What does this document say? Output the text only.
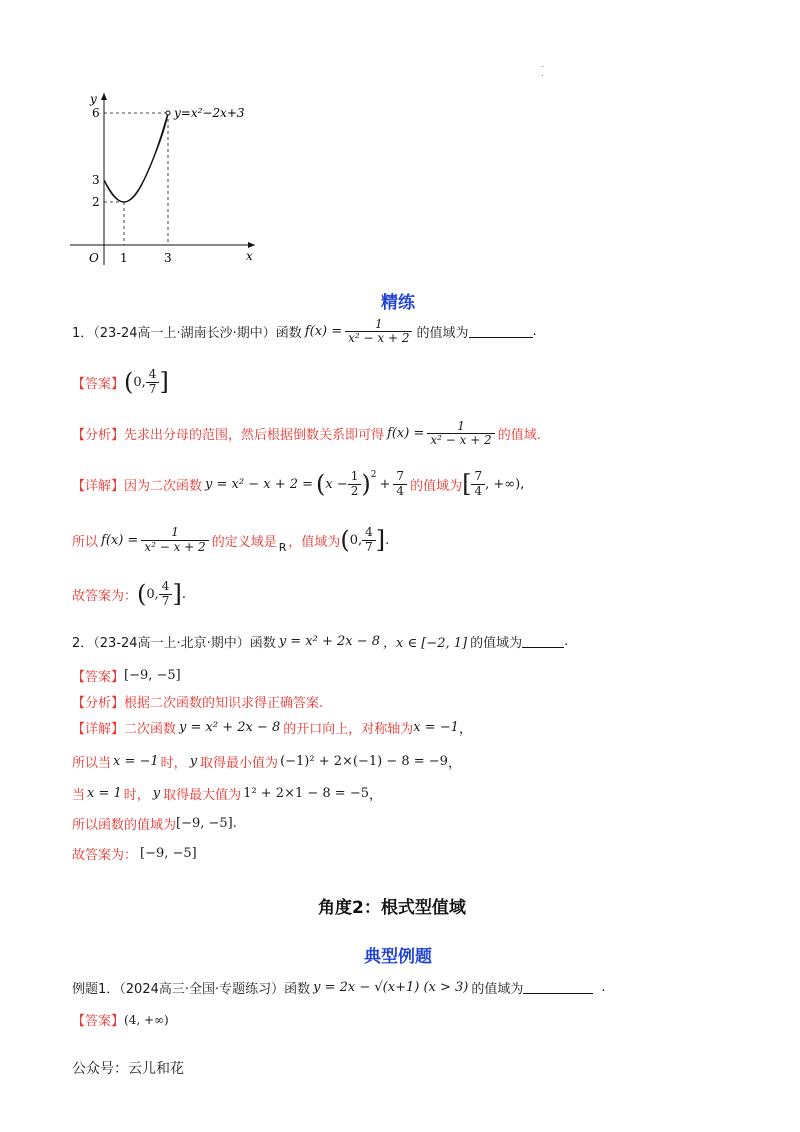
. .
y
x
O
6
3
2
1	3
y=x²−2x+3
精练
1．（23-24高一上·湖南长沙·期中）函数 $f(x) = \frac{1}{\text{x² − x + 2}}$ 的值域为	.
【答案】 ( 0, $\frac{4}{7}$ ]
【分析】 先求出分母的范围，然后根据倒数关系即可得 $f(x) = \frac{1}{\text{x² − x + 2}}$ 的值域.
【详解】 因为二次函数 y = x² − x + 2 = ( $x - \frac{1}{2} )^2$
+ $\frac{7}{4}$ 的值域为 [ $\frac{7}{4}$ , +∞) ,
所以 $f(x) = \frac{1}{\text{x² − x + 2}}$ 的定义域是 R ，值域为 ( 0, $\frac{4}{7}$ ] .
故答案为： ( 0, $\frac{4}{7}$ ] .
2．（23-24高一上·北京·期中）函数 y = x² + 2x − 8 ，x ∈ [−2, 1] 的值域为	.
【答案】 [−9, −5]
【分析】 根据二次函数的知识求得正确答案.
【详解】 二次函数 y = x² + 2x − 8 的开口向上，对称轴为 x = −1 ，
所以当 x = −1 时， y 取得最小值为 (−1)² + 2×(−1) − 8 = −9 ，
当 x = 1 时， y 取得最大值为 1² + 2×1 − 8 = −5 ，
所以函数的值域为 [−9, −5] .
故答案为： [−9, −5]
角度2：根式型值域
典型例题
例题1．（2024高三·全国·专题练习）函数 y = 2x − √(x+1) (x > 3) 的值域为	.
【答案】 (4, +∞)
公众号：云儿和花
